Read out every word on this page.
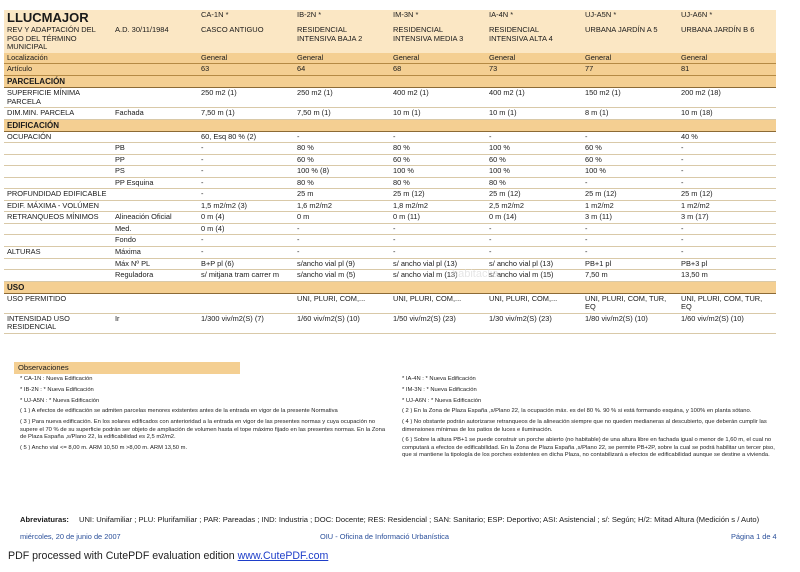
LLUCMAJOR		CA-1N *	IB-2N *	IM-3N *	IA-4N *	UJ-A5N *	UJ-A6N *
REV Y ADAPTACIÓN DEL PGO DEL TÉRMINO MUNICIPAL	A.D. 30/11/1984	CASCO ANTIGUO	RESIDENCIAL INTENSIVA BAJA 2	RESIDENCIAL INTENSIVA MEDIA 3	RESIDENCIAL INTENSIVA ALTA 4	URBANA JARDÍN A 5	URBANA JARDÍN B 6
Localización		General	General	General	General	General	General
Artículo		63	64	68	73	77	81
PARCELACIÓN							
SUPERFICIE MÍNIMA PARCELA		250 m2 (1)	250 m2 (1)	400 m2 (1)	400 m2 (1)	150 m2 (1)	200 m2 (18)
DIM.MIN. PARCELA	Fachada	7,50 m (1)	7,50 m (1)	10 m (1)	10 m (1)	8 m (1)	10 m (18)
EDIFICACIÓN							
OCUPACIÓN		60, Esq 80 % (2)	-	-	-	-	40 %
	PB	-	80 %	80 %	100 %	60 %	-
	PP	-	60 %	60 %	60 %	60 %	-
	PS	-	100 % (8)	100 %	100 %	100 %	-
	PP Esquina	-	80 %	80 %	80 %	-	-
PROFUNDIDAD EDIFICABLE		-	25 m	25 m (12)	25 m (12)	25 m (12)	25 m (12)
EDIF. MÁXIMA - VOLÚMEN		1,5 m2/m2 (3)	1,6 m2/m2	1,8 m2/m2	2,5 m2/m2	1 m2/m2	1 m2/m2
RETRANQUEOS MÍNIMOS	Alineación Oficial	0 m (4)	0 m	0 m (11)	0 m (14)	3 m (11)	3 m (17)
	Med.	0 m (4)	-	-	-	-	-
	Fondo	-	-	-	-	-	-
ALTURAS	Máxima	-	-	-	-	-	-
	Máx Nº PL	B+P pl (6)	s/ancho vial pl (9)	s/ ancho vial pl (13)	s/ ancho vial pl (13)	PB+1 pl	PB+3 pl
	Reguladora	s/ mitjana tram carrer m	s/ancho vial m (5)	s/ ancho vial m (13)	s/ ancho vial m (15)	7,50 m	13,50 m
USO							
USO PERMITIDO			UNI, PLURI, COM,...	UNI, PLURI, COM,...	UNI, PLURI, COM,...	UNI, PLURI, COM, TUR, EQ	UNI, PLURI, COM, TUR, EQ
INTENSIDAD USO RESIDENCIAL	Ir	1/300 viv/m2(S) (7)	1/60 viv/m2(S) (10)	1/50 viv/m2(S) (23)	1/30 viv/m2(S) (23)	1/80 viv/m2(S) (10)	1/60 viv/m2(S) (10)
habitaclia
Observaciones

* CA-1N : Nueva Edificación

* IB-2N : * Nueva Edificación

* UJ-A5N : * Nueva Edificación

( 1 ) A efectos de edificación se admiten parcelas menores existentes antes de la entrada en vigor de la presente Normativa

( 3 ) Para nueva edificación. En los solares edificados con anterioridad a la entrada en vigor de las presentes normas y cuya ocupación no supere el 70 % de su superficie podrán ser objeto de ampliación de volumen hasta el tope máximo fijado en las presentes normas. En la Zona de Plaza España ,s/Plano 22, la edificabilidad es 2,5 m2/m2.

( 5 ) Ancho vial <= 8,00 m. ARM 10,50 m >8,00 m. ARM 13,50 m.

* IA-4N : * Nueva Edificación

* IM-3N : * Nueva Edificación

* UJ-A6N : * Nueva Edificación

( 2 ) En la Zona de Plaza España ,s/Plano 22, la ocupación máx. es del 80 %. 90 % si está formando esquina, y 100% en planta sótano.

( 4 ) No obstante podrán autorizarse retranqueos de la alineación siempre que no queden medianeras al descubierto, que deberán cumplir las dimensiones mínimas de los patios de luces e iluminación.

( 6 ) Sobre la altura PB+1 se puede construir un porche abierto (no habitable) de una altura libre en fachada igual o menor de 1,60 m, el cual no computará a efectos de edificabilidad. En la Zona de Plaza España ,s/Plano 22, se permite PB+2P, sobre la cual se podrá habilitar un tercer piso, que si mantiene la tipología de los porches existentes en dicha Plaza, no contabilizará a efectos de edificabilidad aunque se destine a vivienda.

Abreviaturas: UNI: Unifamiliar ; PLU: Plurifamiliar ; PAR: Pareadas ; IND: Industria ; DOC: Docente; RES: Residencial ; SAN: Sanitario; ESP: Deportivo; ASI: Asistencial ; s/: Según; H/2: Mitad Altura (Medición s / Auto)
miércoles, 20 de junio de 2007	OIU - Oficina de Informació Urbanística	Página 1 de 4
PDF processed with CutePDF evaluation edition www.CutePDF.com
